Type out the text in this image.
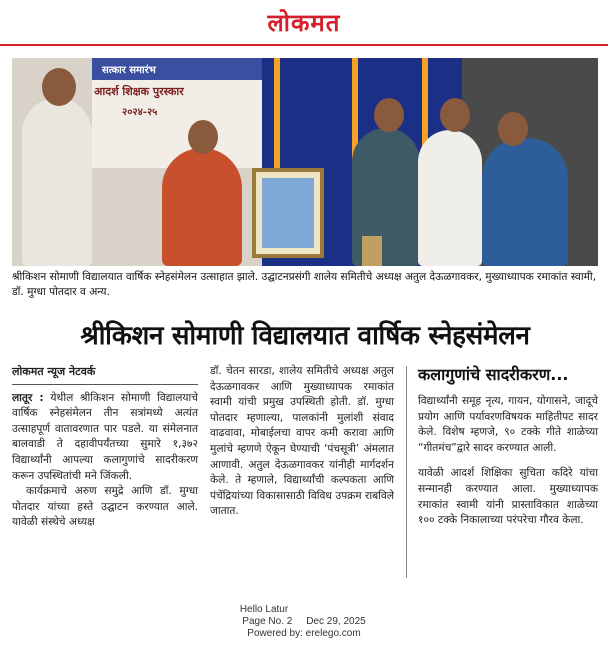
लोकमत
सत्कार समारंभ
आदर्श शिक्षक पुरस्कार
२०२४-२५
श्रीकिशन सोमाणी विद्यालयात वार्षिक स्नेहसंमेलन उत्साहात झाले. उद्घाटनप्रसंगी शालेय समितीचे अध्यक्ष अतुल देऊळगावकर, मुख्याध्यापक रमाकांत स्वामी, डॉ. मुग्धा पोतदार व अन्य.
श्रीकिशन सोमाणी विद्यालयात वार्षिक स्नेहसंमेलन
लोकमत न्यूज नेटवर्क

लातूर : येथील श्रीकिशन सोमाणी विद्यालयाचे वार्षिक स्नेहसंमेलन तीन सत्रांमध्ये अत्यंत उत्साहपूर्ण वातावरणात पार पडले. या संमेलनात बालवाडी ते दहावीपर्यंतच्या सुमारे १,३७२ विद्यार्थ्यांनी आपल्या कलागुणांचे सादरीकरण करून उपस्थितांची मने जिंकली.

कार्यक्रमाचे अरुण समुद्रे आणि डॉ. मुग्धा पोतदार यांच्या हस्ते उद्घाटन करण्यात आले. यावेळी संस्थेचे अध्यक्ष

डॉ. चेतन सारडा, शालेय समितीचे अध्यक्ष अतुल देऊळगावकर आणि मुख्याध्यापक रमाकांत स्वामी यांची प्रमुख उपस्थिती होती. डॉ. मुग्धा पोतदार म्हणाल्या, पालकांनी मुलांशी संवाद वाढवावा, मोबाईलचा वापर कमी करावा आणि मुलांचे म्हणणे ऐकून घेण्याची ‘पंचसूत्री’ अंमलात आणावी. अतुल देऊळगावकर यांनीही मार्गदर्शन केले. ते म्हणाले, विद्यार्थ्यांची कल्पकता आणि पंचेंद्रियांच्या विकासासाठी विविध उपक्रम राबविले जातात.

कलागुणांचे सादरीकरण...

विद्यार्थ्यांनी समूह नृत्य, गायन, योगासने, जादूचे प्रयोग आणि पर्यावरणविषयक माहितीपट सादर केले. विशेष म्हणजे, ९० टक्के गीते शाळेच्या “गीतमंच”द्वारे सादर करण्यात आली.

यावेळी आदर्श शिक्षिका सुचिता कदिरे यांचा सन्मानही करण्यात आला. मुख्याध्यापक रमाकांत स्वामी यांनी प्रास्ताविकात शाळेच्या १०० टक्के निकालाच्या परंपरेचा गौरव केला.

Hello Latur
Page No. 2     Dec 29, 2025
Powered by: erelego.com
